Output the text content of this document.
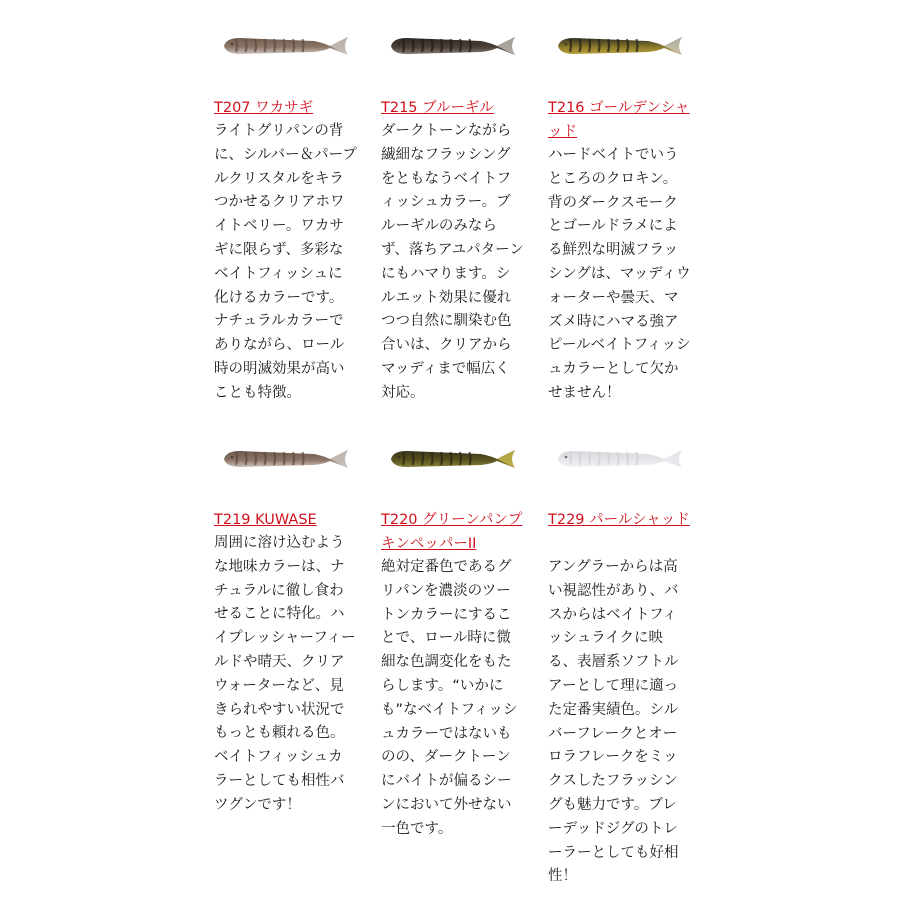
T207 ワカサギ
ライトグリパンの背に、シルバー＆パープルクリスタルをキラつかせるクリアホワイトベリー。ワカサギに限らず、多彩なベイトフィッシュに化けるカラーです。ナチュラルカラーでありながら、ロール時の明滅効果が高いことも特徴。
T215 ブルーギル
ダークトーンながら繊細なフラッシングをともなうベイトフィッシュカラー。ブルーギルのみならず、落ちアユパターンにもハマります。シルエット効果に優れつつ自然に馴染む色合いは、クリアからマッディまで幅広く対応。
T216 ゴールデンシャッド
ハードベイトでいうところのクロキン。背のダークスモークとゴールドラメによる鮮烈な明滅フラッシングは、マッディウォーターや曇天、マズメ時にハマる強アピールベイトフィッシュカラーとして欠かせません！
T219 KUWASE
周囲に溶け込むような地味カラーは、ナチュラルに徹し食わせることに特化。ハイプレッシャーフィールドや晴天、クリアウォーターなど、見きられやすい状況でもっとも頼れる色。ベイトフィッシュカラーとしても相性バツグンです！
T220 グリーンパンプキンペッパーII
絶対定番色であるグリパンを濃淡のツートンカラーにすることで、ロール時に微細な色調変化をもたらします。“いかにも”なベイトフィッシュカラーではないものの、ダークトーンにバイトが偏るシーンにおいて外せない一色です。
T229 パールシャッド
アングラーからは高い視認性があり、バスからはベイトフィッシュライクに映る、表層系ソフトルアーとして理に適った定番実績色。シルバーフレークとオーロラフレークをミックスしたフラッシングも魅力です。ブレーデッドジグのトレーラーとしても好相性！
